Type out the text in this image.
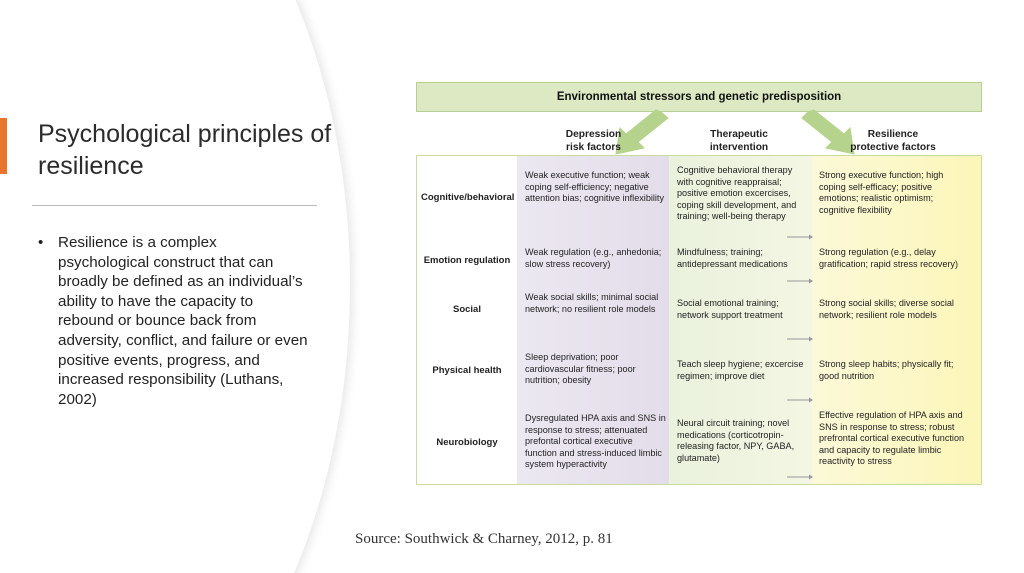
Psychological principles of resilience
• Resilience is a complex psychological construct that can broadly be defined as an individual’s ability to have the capacity to rebound or bounce back from adversity, conflict, and failure or even positive events, progress, and increased responsibility (Luthans, 2002)

Environmental stressors and genetic predisposition
Depression
risk factors
Therapeutic
intervention
Resilience
protective factors
Cognitive/behavioral
Weak executive function; weak coping self-efficiency; negative attention bias; cognitive inflexibility
Cognitive behavioral therapy with cognitive reappraisal; positive emotion excercises, coping skill development, and training; well-being therapy
Strong executive function; high coping self-efficacy; positive emotions; realistic optimism; cognitive flexibility
Emotion regulation
Weak regulation (e.g., anhedonia; slow stress recovery)
Mindfulness; training; antidepressant medications
Strong regulation (e.g., delay gratification; rapid stress recovery)
Social
Weak social skills; minimal social network; no resilient role models
Social emotional training; network support treatment
Strong social skills; diverse social network; resilient role models
Physical health
Sleep deprivation; poor cardiovascular fitness; poor nutrition; obesity
Teach sleep hygiene; excercise regimen; improve diet
Strong sleep habits; physically fit; good nutrition
Neurobiology
Dysregulated HPA axis and SNS in response to stress; attenuated prefontal cortical executive function and stress-induced limbic system hyperactivity
Neural circuit training; novel medications (corticotropin-releasing factor, NPY, GABA, glutamate)
Effective regulation of HPA axis and SNS in response to stress; robust prefrontal cortical executive function and capacity to regulate limbic reactivity to stress
Source: Southwick & Charney, 2012, p. 81
